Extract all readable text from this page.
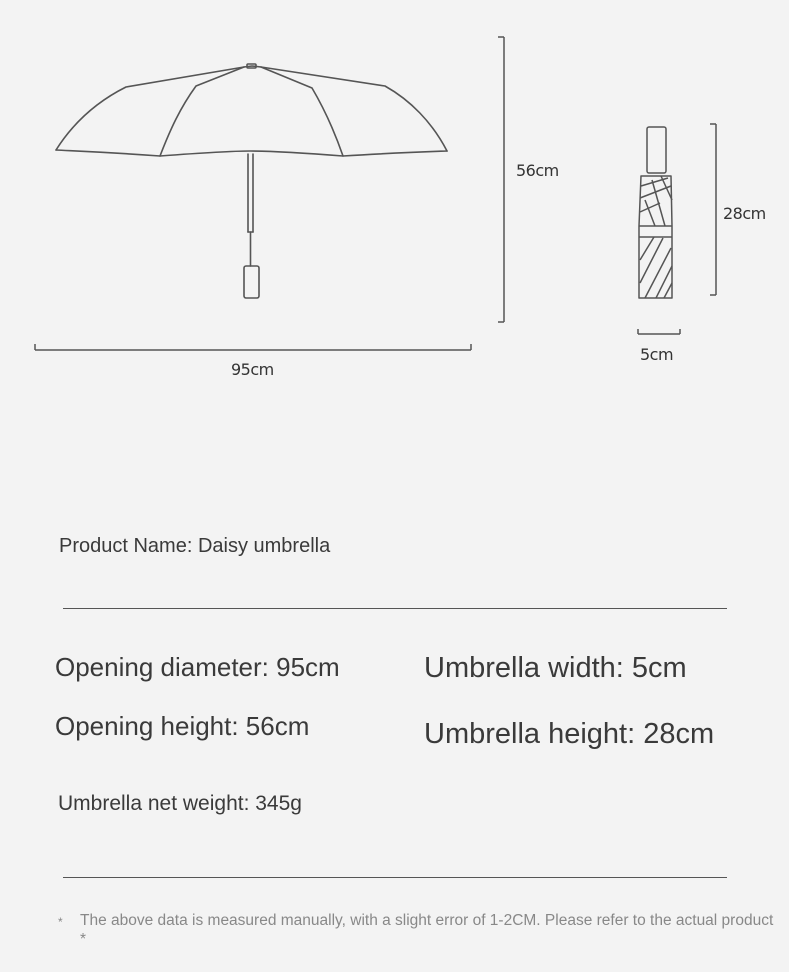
95cm
56cm
28cm
5cm
Product Name: Daisy umbrella
Opening diameter: 95cm	Umbrella width: 5cm
Opening height: 56cm	Umbrella height: 28cm
Umbrella net weight: 345g
*	The above data is measured manually, with a slight error of 1-2CM. Please refer to the actual product *
